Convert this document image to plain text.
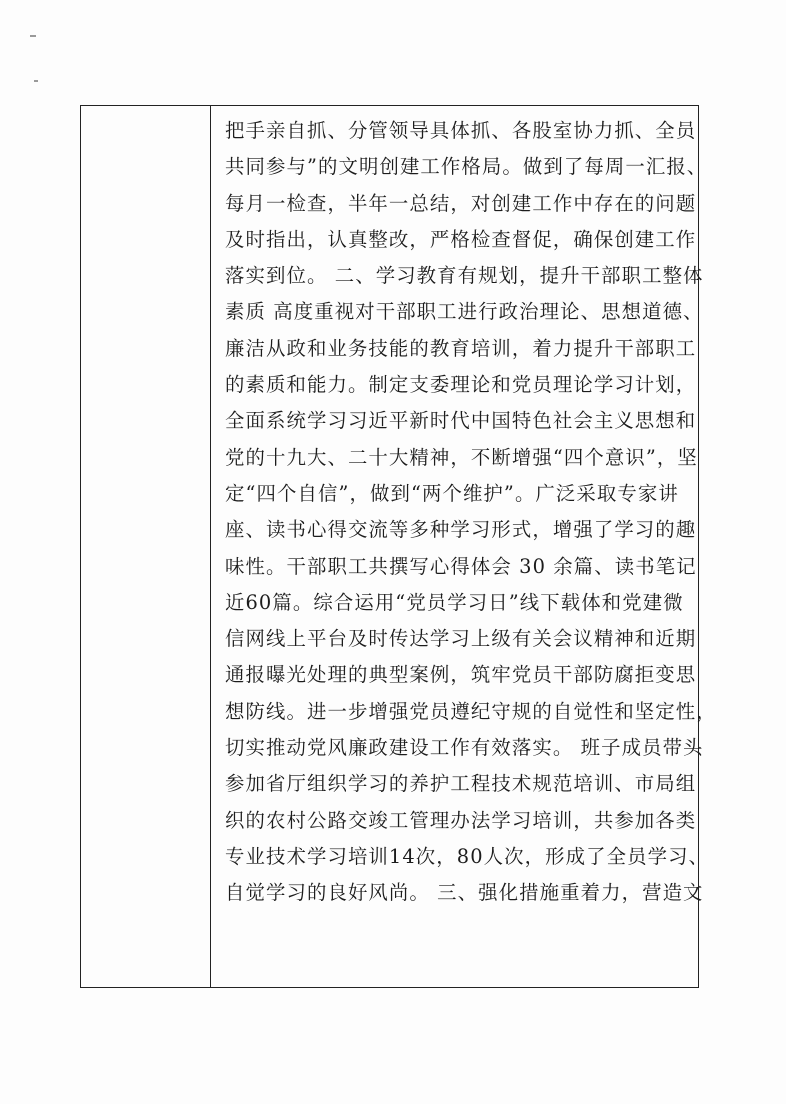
把手亲自抓、分管领导具体抓、各股室协力抓、全员
共同参与”的文明创建工作格局。做到了每周一汇报、
每月一检查，半年一总结，对创建工作中存在的问题
及时指出，认真整改，严格检查督促，确保创建工作
落实到位。 二、学习教育有规划，提升干部职工整体
素质 高度重视对干部职工进行政治理论、思想道德、
廉洁从政和业务技能的教育培训，着力提升干部职工
的素质和能力。制定支委理论和党员理论学习计划，
全面系统学习习近平新时代中国特色社会主义思想和
党的十九大、二十大精神，不断增强“四个意识”，坚
定“四个自信”，做到“两个维护”。广泛采取专家讲
座、读书心得交流等多种学习形式，增强了学习的趣
味性。干部职工共撰写心得体会 30 余篇、读书笔记
近60篇。综合运用“党员学习日”线下载体和党建微
信网线上平台及时传达学习上级有关会议精神和近期
通报曝光处理的典型案例，筑牢党员干部防腐拒变思
想防线。进一步增强党员遵纪守规的自觉性和坚定性，
切实推动党风廉政建设工作有效落实。 班子成员带头
参加省厅组织学习的养护工程技术规范培训、市局组
织的农村公路交竣工管理办法学习培训，共参加各类
专业技术学习培训14次，80人次，形成了全员学习、
自觉学习的良好风尚。 三、强化措施重着力，营造文
